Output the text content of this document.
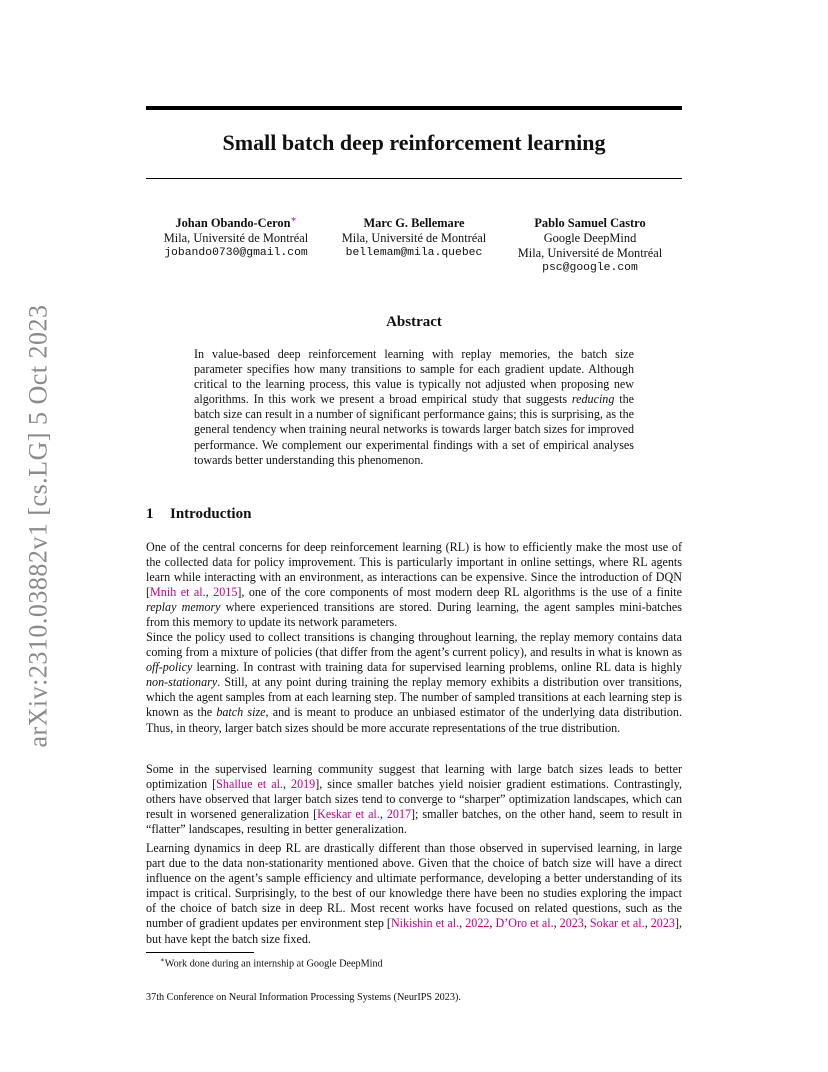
arXiv:2310.03882v1 [cs.LG] 5 Oct 2023
Small batch deep reinforcement learning
Johan Obando-Ceron∗
Mila, Université de Montréal
jobando0730@gmail.com
Marc G. Bellemare
Mila, Université de Montréal
bellemam@mila.quebec
Pablo Samuel Castro
Google DeepMind
Mila, Université de Montréal
psc@google.com
Abstract

In value-based deep reinforcement learning with replay memories, the batch size parameter specifies how many transitions to sample for each gradient update. Although critical to the learning process, this value is typically not adjusted when proposing new algorithms. In this work we present a broad empirical study that suggests reducing the batch size can result in a number of significant performance gains; this is surprising, as the general tendency when training neural networks is towards larger batch sizes for improved performance. We complement our experimental findings with a set of empirical analyses towards better understanding this phenomenon.

1 Introduction

One of the central concerns for deep reinforcement learning (RL) is how to efficiently make the most use of the collected data for policy improvement. This is particularly important in online settings, where RL agents learn while interacting with an environment, as interactions can be expensive. Since the introduction of DQN [Mnih et al., 2015], one of the core components of most modern deep RL algorithms is the use of a finite replay memory where experienced transitions are stored. During learning, the agent samples mini-batches from this memory to update its network parameters.

Since the policy used to collect transitions is changing throughout learning, the replay memory contains data coming from a mixture of policies (that differ from the agent’s current policy), and results in what is known as off-policy learning. In contrast with training data for supervised learning problems, online RL data is highly non-stationary. Still, at any point during training the replay memory exhibits a distribution over transitions, which the agent samples from at each learning step. The number of sampled transitions at each learning step is known as the batch size, and is meant to produce an unbiased estimator of the underlying data distribution. Thus, in theory, larger batch sizes should be more accurate representations of the true distribution.

Some in the supervised learning community suggest that learning with large batch sizes leads to better optimization [Shallue et al., 2019], since smaller batches yield noisier gradient estimations. Contrastingly, others have observed that larger batch sizes tend to converge to “sharper” optimization landscapes, which can result in worsened generalization [Keskar et al., 2017]; smaller batches, on the other hand, seem to result in “flatter” landscapes, resulting in better generalization.

Learning dynamics in deep RL are drastically different than those observed in supervised learning, in large part due to the data non-stationarity mentioned above. Given that the choice of batch size will have a direct influence on the agent’s sample efficiency and ultimate performance, developing a better understanding of its impact is critical. Surprisingly, to the best of our knowledge there have been no studies exploring the impact of the choice of batch size in deep RL. Most recent works have focused on related questions, such as the number of gradient updates per environment step [Nikishin et al., 2022, D’Oro et al., 2023, Sokar et al., 2023], but have kept the batch size fixed.

∗Work done during an internship at Google DeepMind

37th Conference on Neural Information Processing Systems (NeurIPS 2023).
